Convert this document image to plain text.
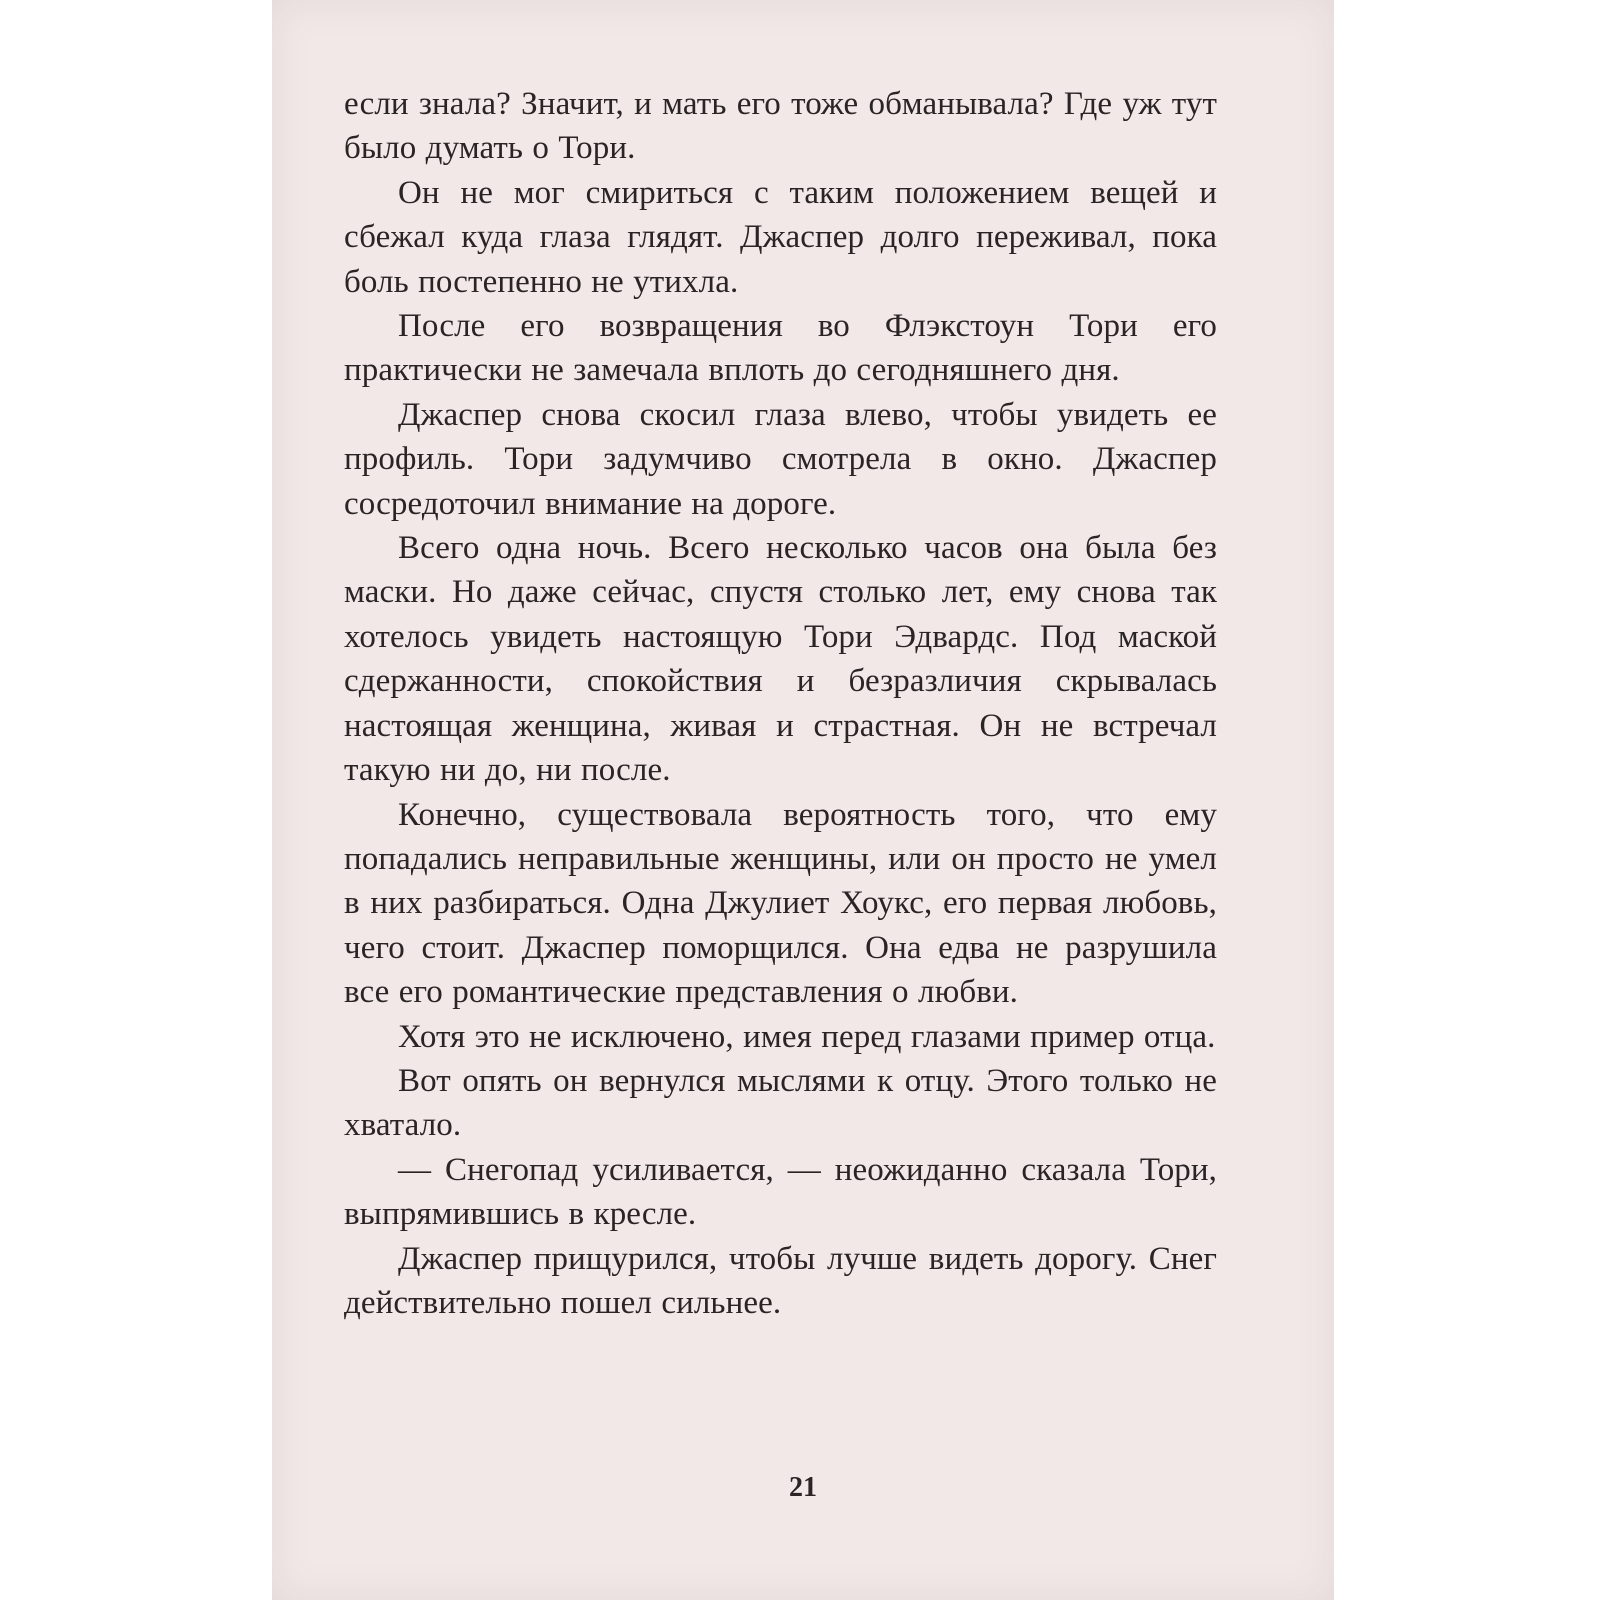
если знала? Значит, и мать его тоже обманывала? Где уж тут было думать о Тори.

Он не мог смириться с таким положением вещей и сбежал куда глаза глядят. Джаспер долго переживал, пока боль постепенно не утихла.

После его возвращения во Флэкстоун Тори его практически не замечала вплоть до сегодняшнего дня.

Джаспер снова скосил глаза влево, чтобы увидеть ее профиль. Тори задумчиво смотрела в окно. Джаспер сосредоточил внимание на дороге.

Всего одна ночь. Всего несколько часов она была без маски. Но даже сейчас, спустя столько лет, ему снова так хотелось увидеть настоящую Тори Эдвардс. Под маской сдержанности, спокойствия и безразличия скрывалась настоящая женщина, живая и страстная. Он не встречал такую ни до, ни после.

Конечно, существовала вероятность того, что ему попадались неправильные женщины, или он просто не умел в них разбираться. Одна Джулиет Хоукс, его первая любовь, чего стоит. Джаспер поморщился. Она едва не разрушила все его романтические представления о любви.

Хотя это не исключено, имея перед глазами пример отца.

Вот опять он вернулся мыслями к отцу. Этого только не хватало.

— Снегопад усиливается, — неожиданно сказала Тори, выпрямившись в кресле.

Джаспер прищурился, чтобы лучше видеть дорогу. Снег действительно пошел сильнее.

21
